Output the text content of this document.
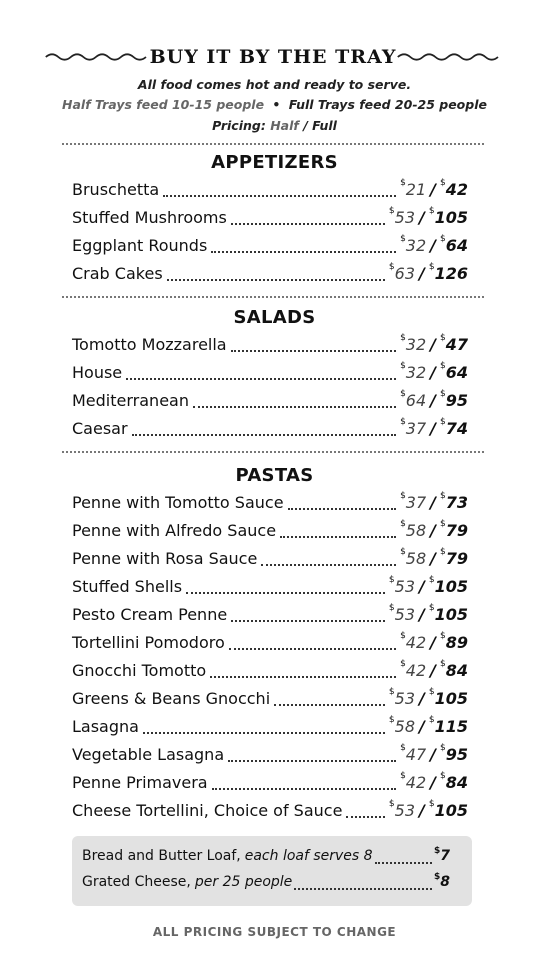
BUY IT BY THE TRAY
All food comes hot and ready to serve.
Half Trays feed 10-15 people • Full Trays feed 20-25 people
Pricing: Half / Full
APPETIZERS
Bruschetta	$21 / $42
Stuffed Mushrooms	$53 / $105
Eggplant Rounds	$32 / $64
Crab Cakes	$63 / $126
SALADS
Tomotto Mozzarella	$32 / $47
House	$32 / $64
Mediterranean	$64 / $95
Caesar	$37 / $74
PASTAS
Penne with Tomotto Sauce	$37 / $73
Penne with Alfredo Sauce	$58 / $79
Penne with Rosa Sauce	$58 / $79
Stuffed Shells	$53 / $105
Pesto Cream Penne	$53 / $105
Tortellini Pomodoro	$42 / $89
Gnocchi Tomotto	$42 / $84
Greens & Beans Gnocchi	$53 / $105
Lasagna	$58 / $115
Vegetable Lasagna	$47 / $95
Penne Primavera	$42 / $84
Cheese Tortellini, Choice of Sauce	$53 / $105
Bread and Butter Loaf, each loaf serves 8	$7
Grated Cheese, per 25 people	$8
ALL PRICING SUBJECT TO CHANGE
